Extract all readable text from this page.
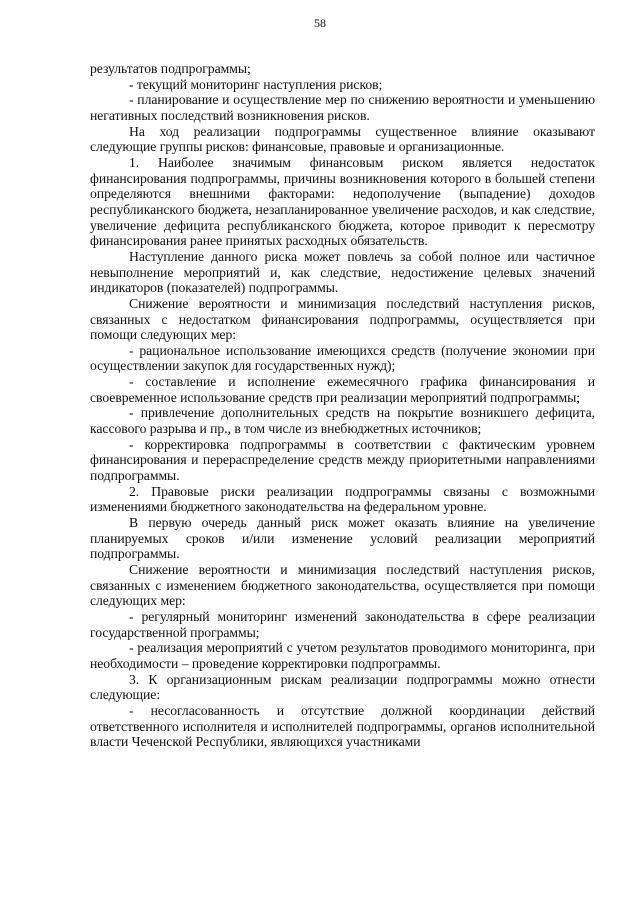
58

результатов подпрограммы;

- текущий мониторинг наступления рисков;

- планирование и осуществление мер по снижению вероятности и уменьшению негативных последствий возникновения рисков.

На ход реализации подпрограммы существенное влияние оказывают следующие группы рисков: финансовые, правовые и организационные.

1. Наиболее значимым финансовым риском является недостаток финансирования подпрограммы, причины возникновения которого в большей степени определяются внешними факторами: недополучение (выпадение) доходов республиканского бюджета, незапланированное увеличение расходов, и как следствие, увеличение дефицита республиканского бюджета, которое приводит к пересмотру финансирования ранее принятых расходных обязательств.

Наступление данного риска может повлечь за собой полное или частичное невыполнение мероприятий и, как следствие, недостижение целевых значений индикаторов (показателей) подпрограммы.

Снижение вероятности и минимизация последствий наступления рисков, связанных с недостатком финансирования подпрограммы, осуществляется при помощи следующих мер:

- рациональное использование имеющихся средств (получение экономии при осуществлении закупок для государственных нужд);

- составление и исполнение ежемесячного графика финансирования и своевременное использование средств при реализации мероприятий подпрограммы;

- привлечение дополнительных средств на покрытие возникшего дефицита, кассового разрыва и пр., в том числе из внебюджетных источников;

- корректировка подпрограммы в соответствии с фактическим уровнем финансирования и перераспределение средств между приоритетными направлениями подпрограммы.

2. Правовые риски реализации подпрограммы связаны с возможными изменениями бюджетного законодательства на федеральном уровне.

В первую очередь данный риск может оказать влияние на увеличение планируемых сроков и/или изменение условий реализации мероприятий подпрограммы.

Снижение вероятности и минимизация последствий наступления рисков, связанных с изменением бюджетного законодательства, осуществляется при помощи следующих мер:

- регулярный мониторинг изменений законодательства в сфере реализации государственной программы;

- реализация мероприятий с учетом результатов проводимого мониторинга, при необходимости – проведение корректировки подпрограммы.

3. К организационным рискам реализации подпрограммы можно отнести следующие:

- несогласованность и отсутствие должной координации действий ответственного исполнителя и исполнителей подпрограммы, органов исполнительной власти Чеченской Республики, являющихся участниками
